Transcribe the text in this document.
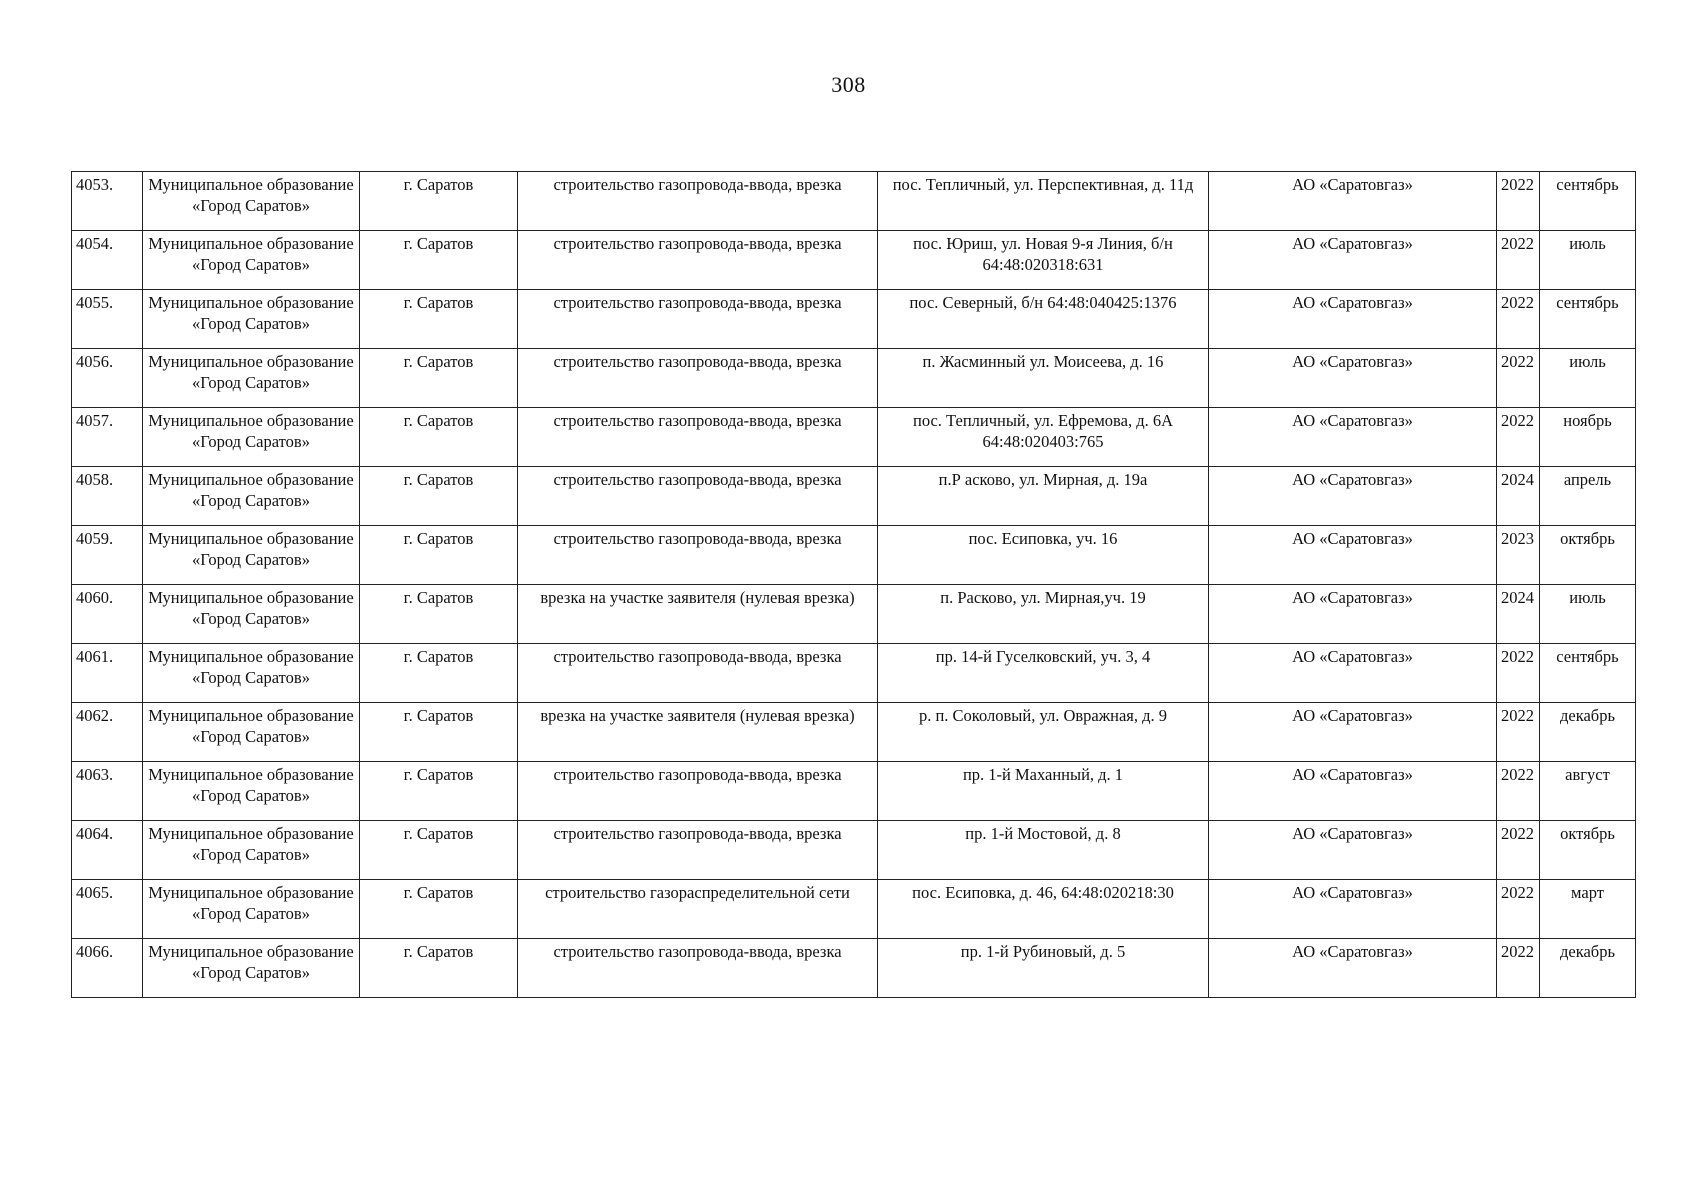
308
4053.	Муниципальное образование «Город Саратов»	г. Саратов	строительство газопровода-ввода, врезка	пос. Тепличный, ул. Перспективная, д. 11д	АО «Саратовгаз»	2022	сентябрь
4054.	Муниципальное образование «Город Саратов»	г. Саратов	строительство газопровода-ввода, врезка	пос. Юриш, ул. Новая 9-я Линия, б/н 64:48:020318:631	АО «Саратовгаз»	2022	июль
4055.	Муниципальное образование «Город Саратов»	г. Саратов	строительство газопровода-ввода, врезка	пос. Северный, б/н 64:48:040425:1376	АО «Саратовгаз»	2022	сентябрь
4056.	Муниципальное образование «Город Саратов»	г. Саратов	строительство газопровода-ввода, врезка	п. Жасминный ул. Моисеева, д. 16	АО «Саратовгаз»	2022	июль
4057.	Муниципальное образование «Город Саратов»	г. Саратов	строительство газопровода-ввода, врезка	пос. Тепличный, ул. Ефремова, д. 6А 64:48:020403:765	АО «Саратовгаз»	2022	ноябрь
4058.	Муниципальное образование «Город Саратов»	г. Саратов	строительство газопровода-ввода, врезка	п.Р асково, ул. Мирная, д. 19а	АО «Саратовгаз»	2024	апрель
4059.	Муниципальное образование «Город Саратов»	г. Саратов	строительство газопровода-ввода, врезка	пос. Есиповка, уч. 16	АО «Саратовгаз»	2023	октябрь
4060.	Муниципальное образование «Город Саратов»	г. Саратов	врезка на участке заявителя (нулевая врезка)	п. Расково, ул. Мирная,уч. 19	АО «Саратовгаз»	2024	июль
4061.	Муниципальное образование «Город Саратов»	г. Саратов	строительство газопровода-ввода, врезка	пр. 14-й Гуселковский, уч. 3, 4	АО «Саратовгаз»	2022	сентябрь
4062.	Муниципальное образование «Город Саратов»	г. Саратов	врезка на участке заявителя (нулевая врезка)	р. п. Соколовый, ул. Овражная, д. 9	АО «Саратовгаз»	2022	декабрь
4063.	Муниципальное образование «Город Саратов»	г. Саратов	строительство газопровода-ввода, врезка	пр. 1-й Маханный, д. 1	АО «Саратовгаз»	2022	август
4064.	Муниципальное образование «Город Саратов»	г. Саратов	строительство газопровода-ввода, врезка	пр. 1-й Мостовой, д. 8	АО «Саратовгаз»	2022	октябрь
4065.	Муниципальное образование «Город Саратов»	г. Саратов	строительство газораспределительной сети	пос. Есиповка, д. 46, 64:48:020218:30	АО «Саратовгаз»	2022	март
4066.	Муниципальное образование «Город Саратов»	г. Саратов	строительство газопровода-ввода, врезка	пр. 1-й Рубиновый, д. 5	АО «Саратовгаз»	2022	декабрь
